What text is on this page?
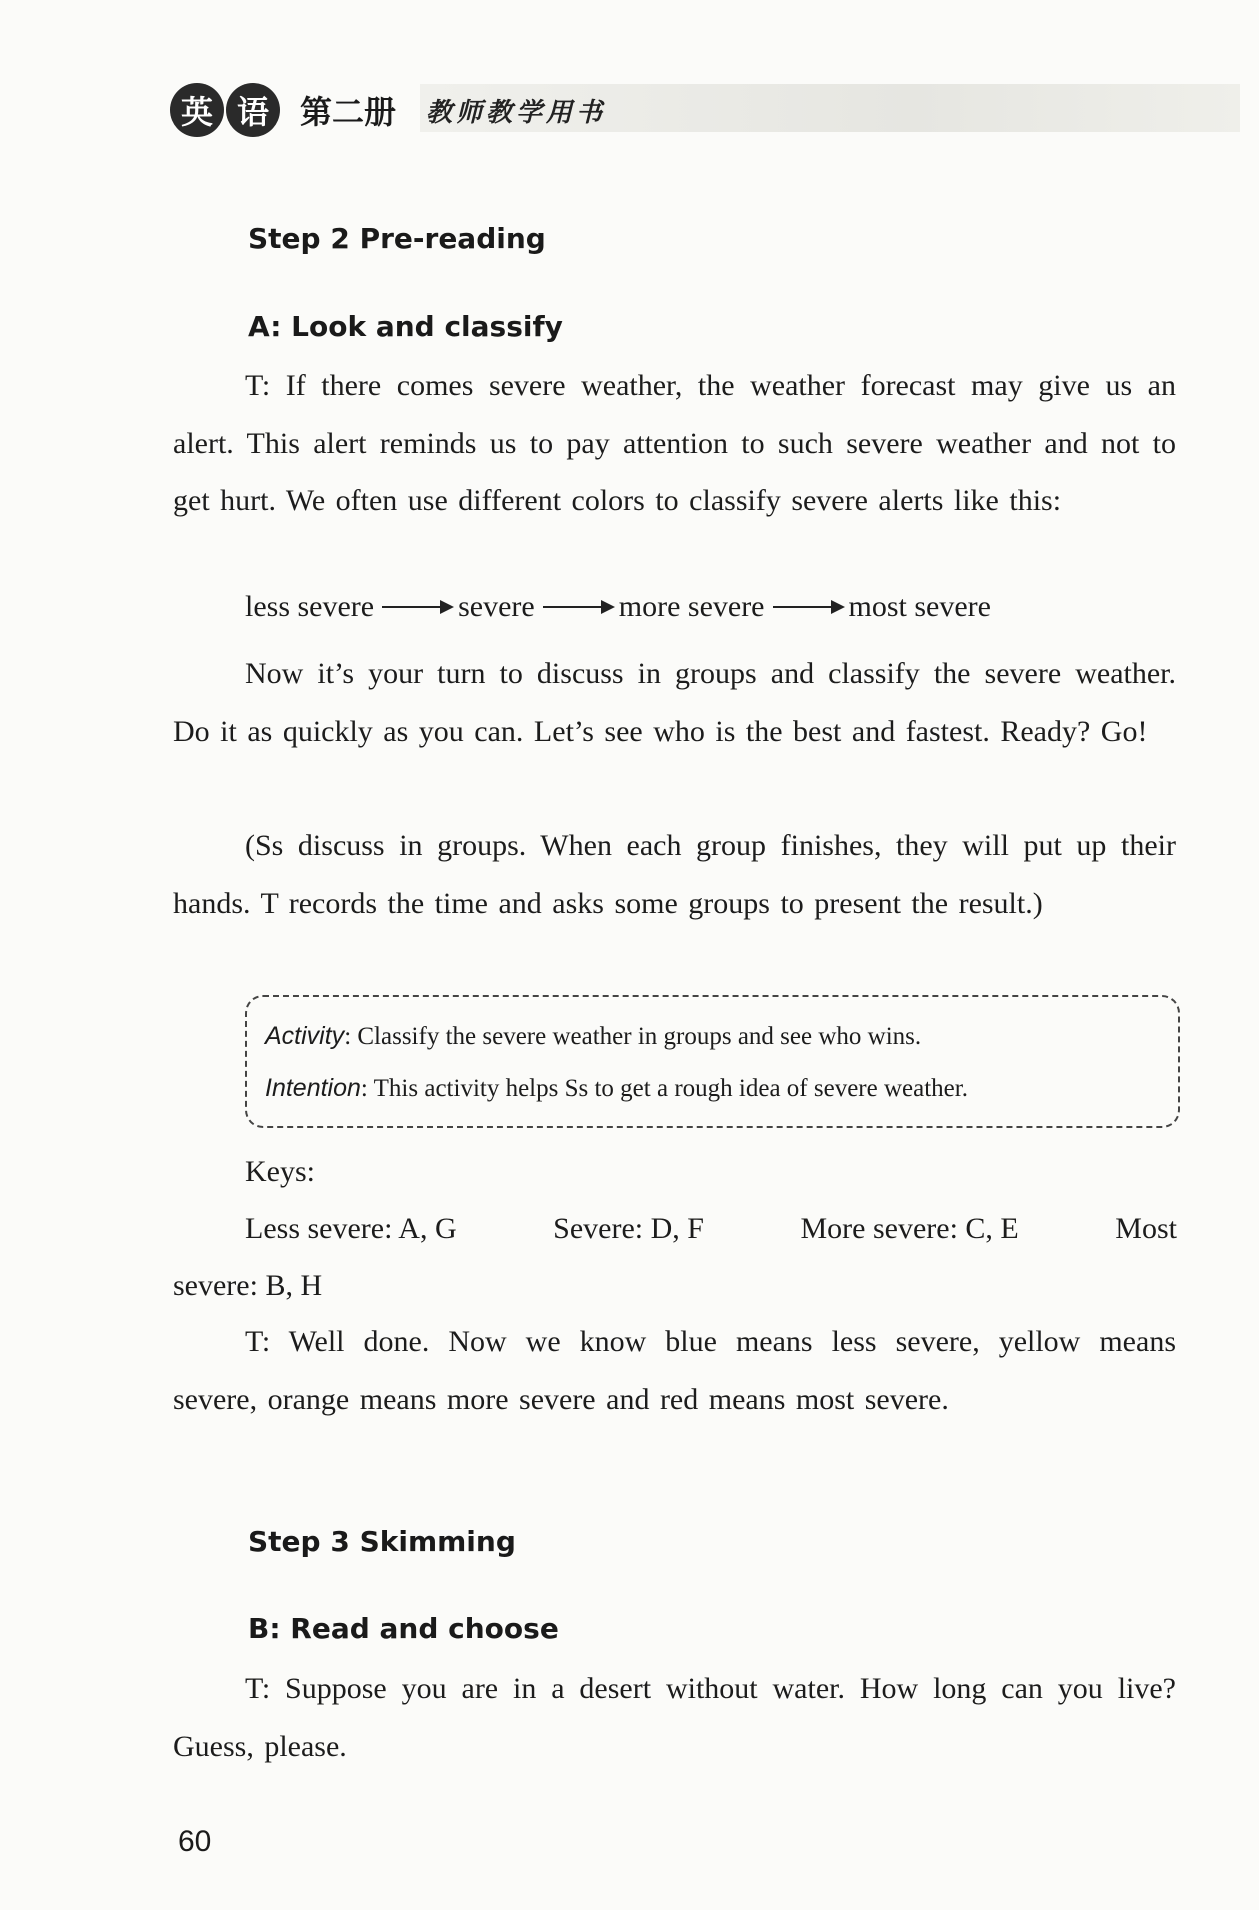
英 语 第二册 教师教学用书
Step 2 Pre-reading
A: Look and classify
T: If there comes severe weather, the weather forecast may give us an alert. This alert reminds us to pay attention to such severe weather and not to get hurt. We often use different colors to classify severe alerts like this:
less severe	severe	more severe	most severe
Now it’s your turn to discuss in groups and classify the severe weather. Do it as quickly as you can. Let’s see who is the best and fastest. Ready? Go!
(Ss discuss in groups. When each group finishes, they will put up their hands. T records the time and asks some groups to present the result.)
Activity: Classify the severe weather in groups and see who wins.
Intention: This activity helps Ss to get a rough idea of severe weather.
Keys:
Less severe: A, G	Severe: D, F	More severe: C, E	Most
severe: B, H
T: Well done. Now we know blue means less severe, yellow means severe, orange means more severe and red means most severe.
Step 3 Skimming
B: Read and choose
T: Suppose you are in a desert without water. How long can you live? Guess, please.
60
